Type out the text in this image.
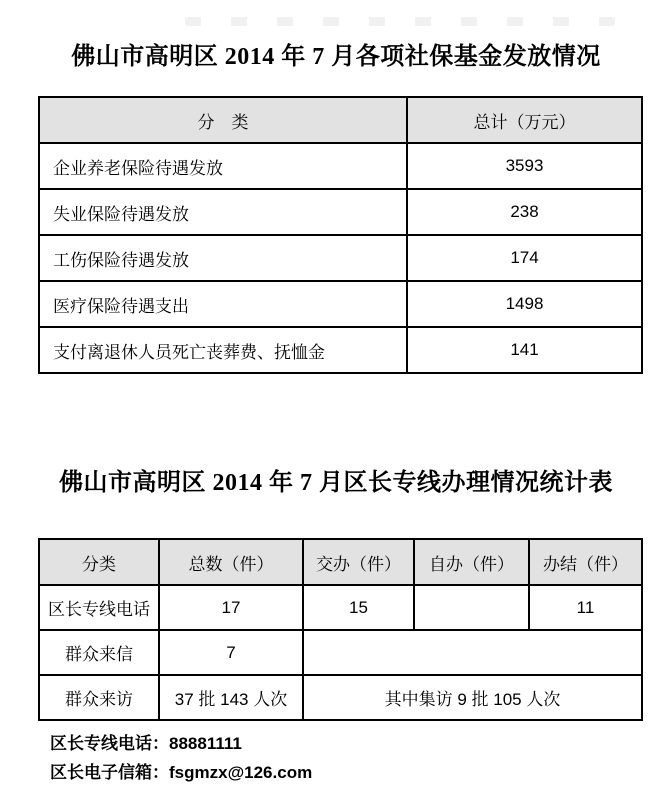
佛山市高明区 2014 年 7 月各项社保基金发放情况
分　类	总计（万元）
企业养老保险待遇发放	3593
失业保险待遇发放	238
工伤保险待遇发放	174
医疗保险待遇支出	1498
支付离退休人员死亡丧葬费、抚恤金	141
佛山市高明区 2014 年 7 月区长专线办理情况统计表
分类	总数（件）	交办（件）	自办（件）	办结（件）
区长专线电话	17	15		11
群众来信	7			
群众来访	37 批 143 人次	其中集访 9 批 105 人次		

区长专线电话：88881111

区长电子信箱：fsgmzx@126.com
